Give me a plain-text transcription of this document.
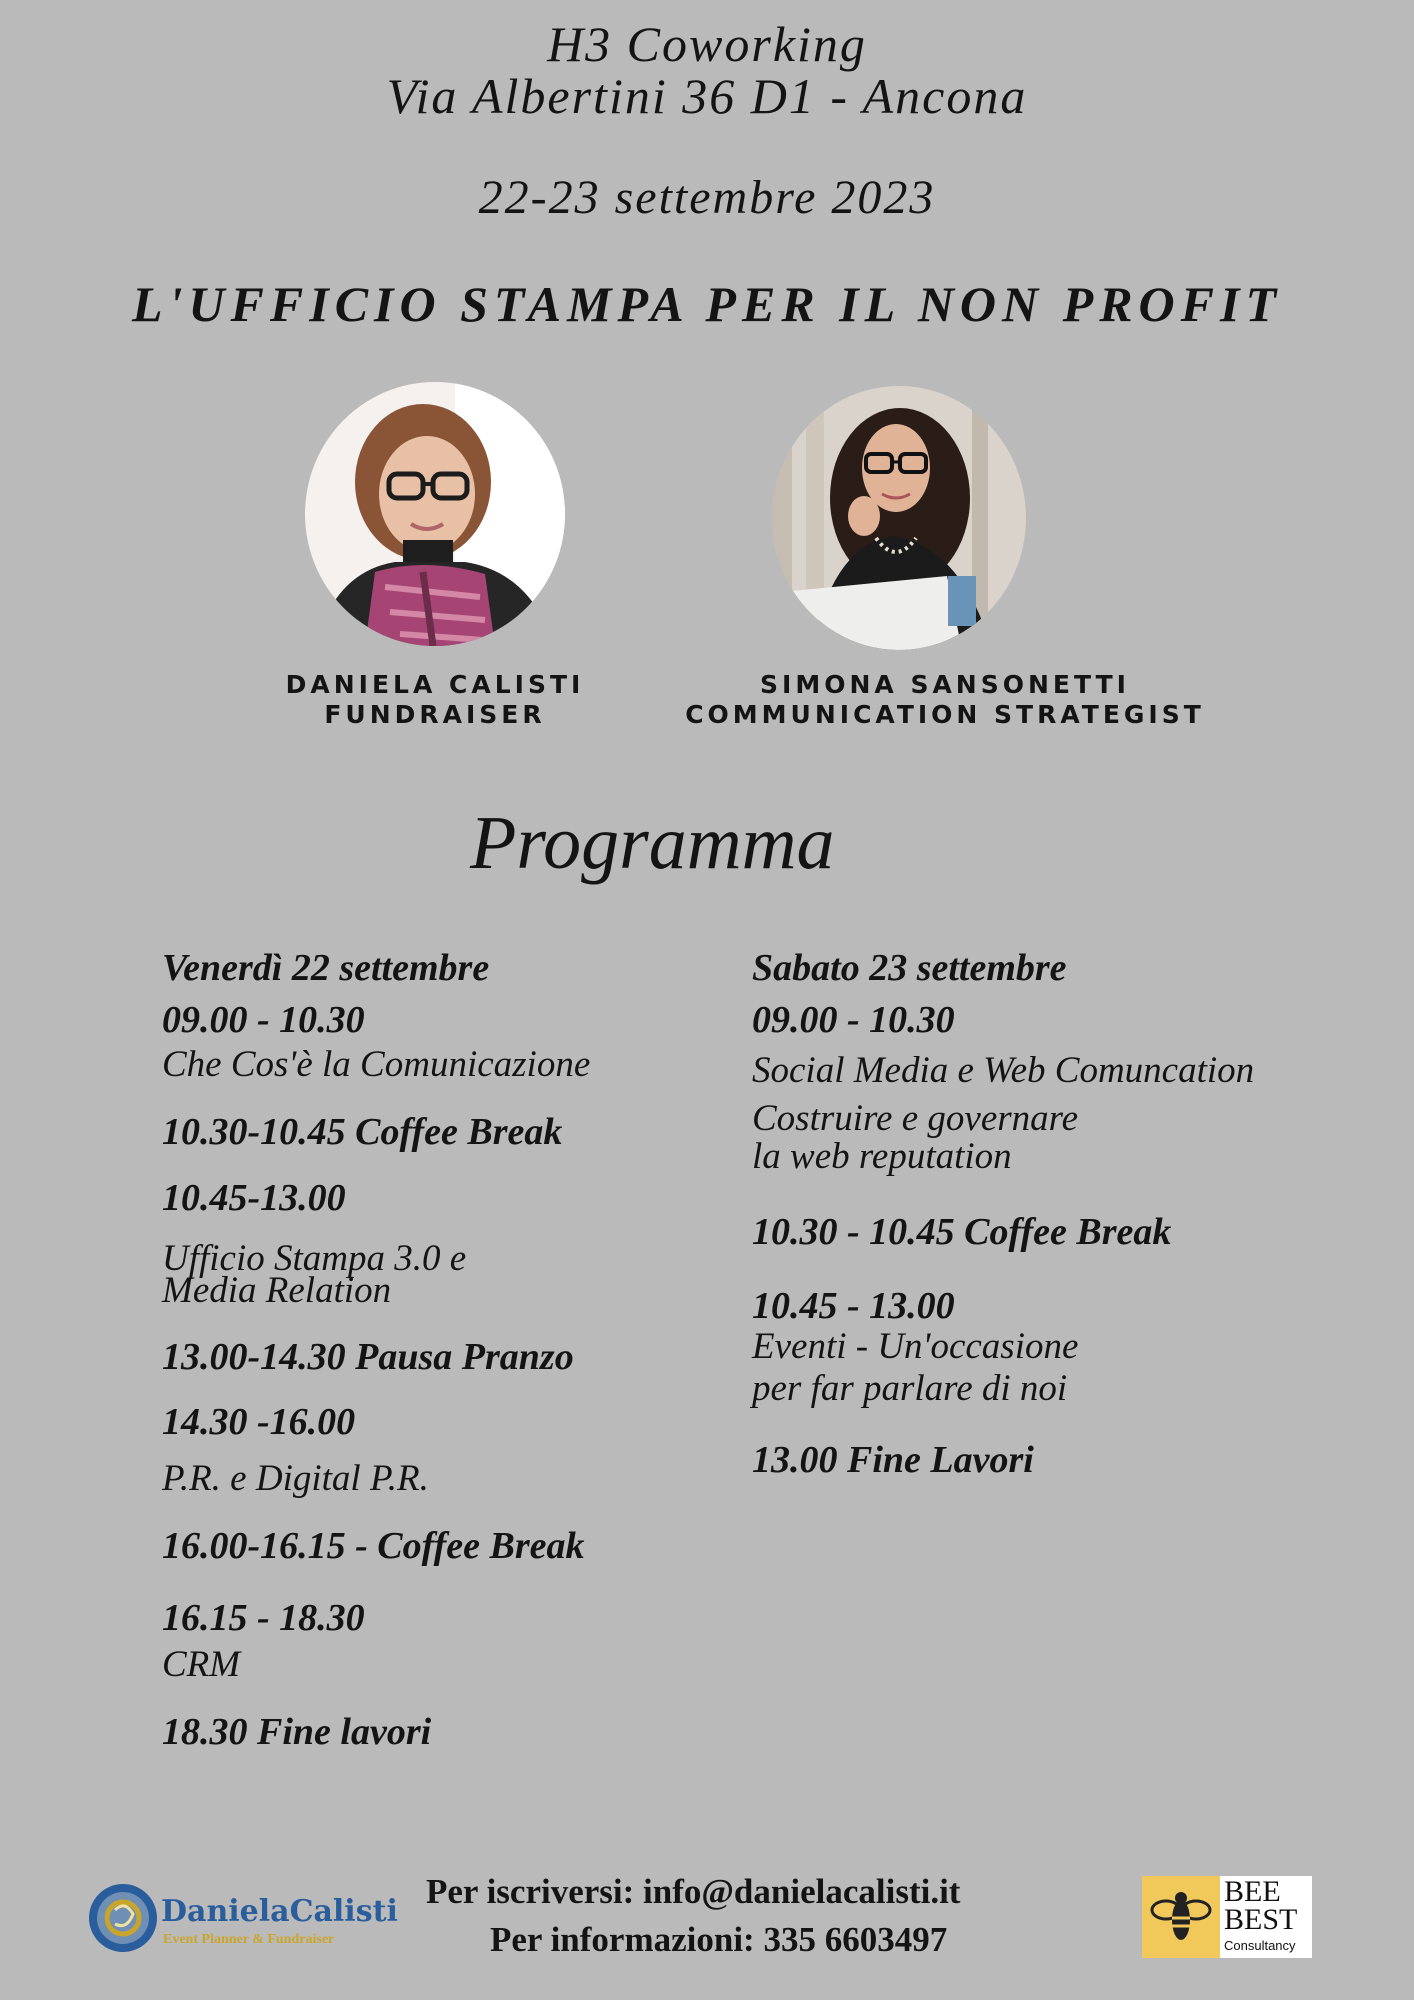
H3 Coworking
Via Albertini 36 D1 - Ancona
22-23 settembre 2023
L'UFFICIO STAMPA PER IL NON PROFIT
DANIELA CALISTI
FUNDRAISER
SIMONA SANSONETTI
COMMUNICATION STRATEGIST
Programma
Venerdì 22 settembre
09.00 - 10.30
Che Cos'è la Comunicazione
10.30-10.45 Coffee Break
10.45-13.00
Ufficio Stampa 3.0 e
Media Relation
13.00-14.30 Pausa Pranzo
14.30 -16.00
P.R. e Digital P.R.
16.00-16.15 - Coffee Break
16.15 - 18.30
CRM
18.30 Fine lavori
Sabato 23 settembre
09.00 - 10.30
Social Media e Web Comuncation
Costruire e governare
la web reputation
10.30 - 10.45 Coffee Break
10.45 - 13.00
Eventi - Un'occasione
per far parlare di noi
13.00 Fine Lavori
Per iscriversi: info@danielacalisti.it
Per informazioni: 335 6603497
DanielaCalisti
Event Planner & Fundraiser
BEE
BEST
Consultancy
